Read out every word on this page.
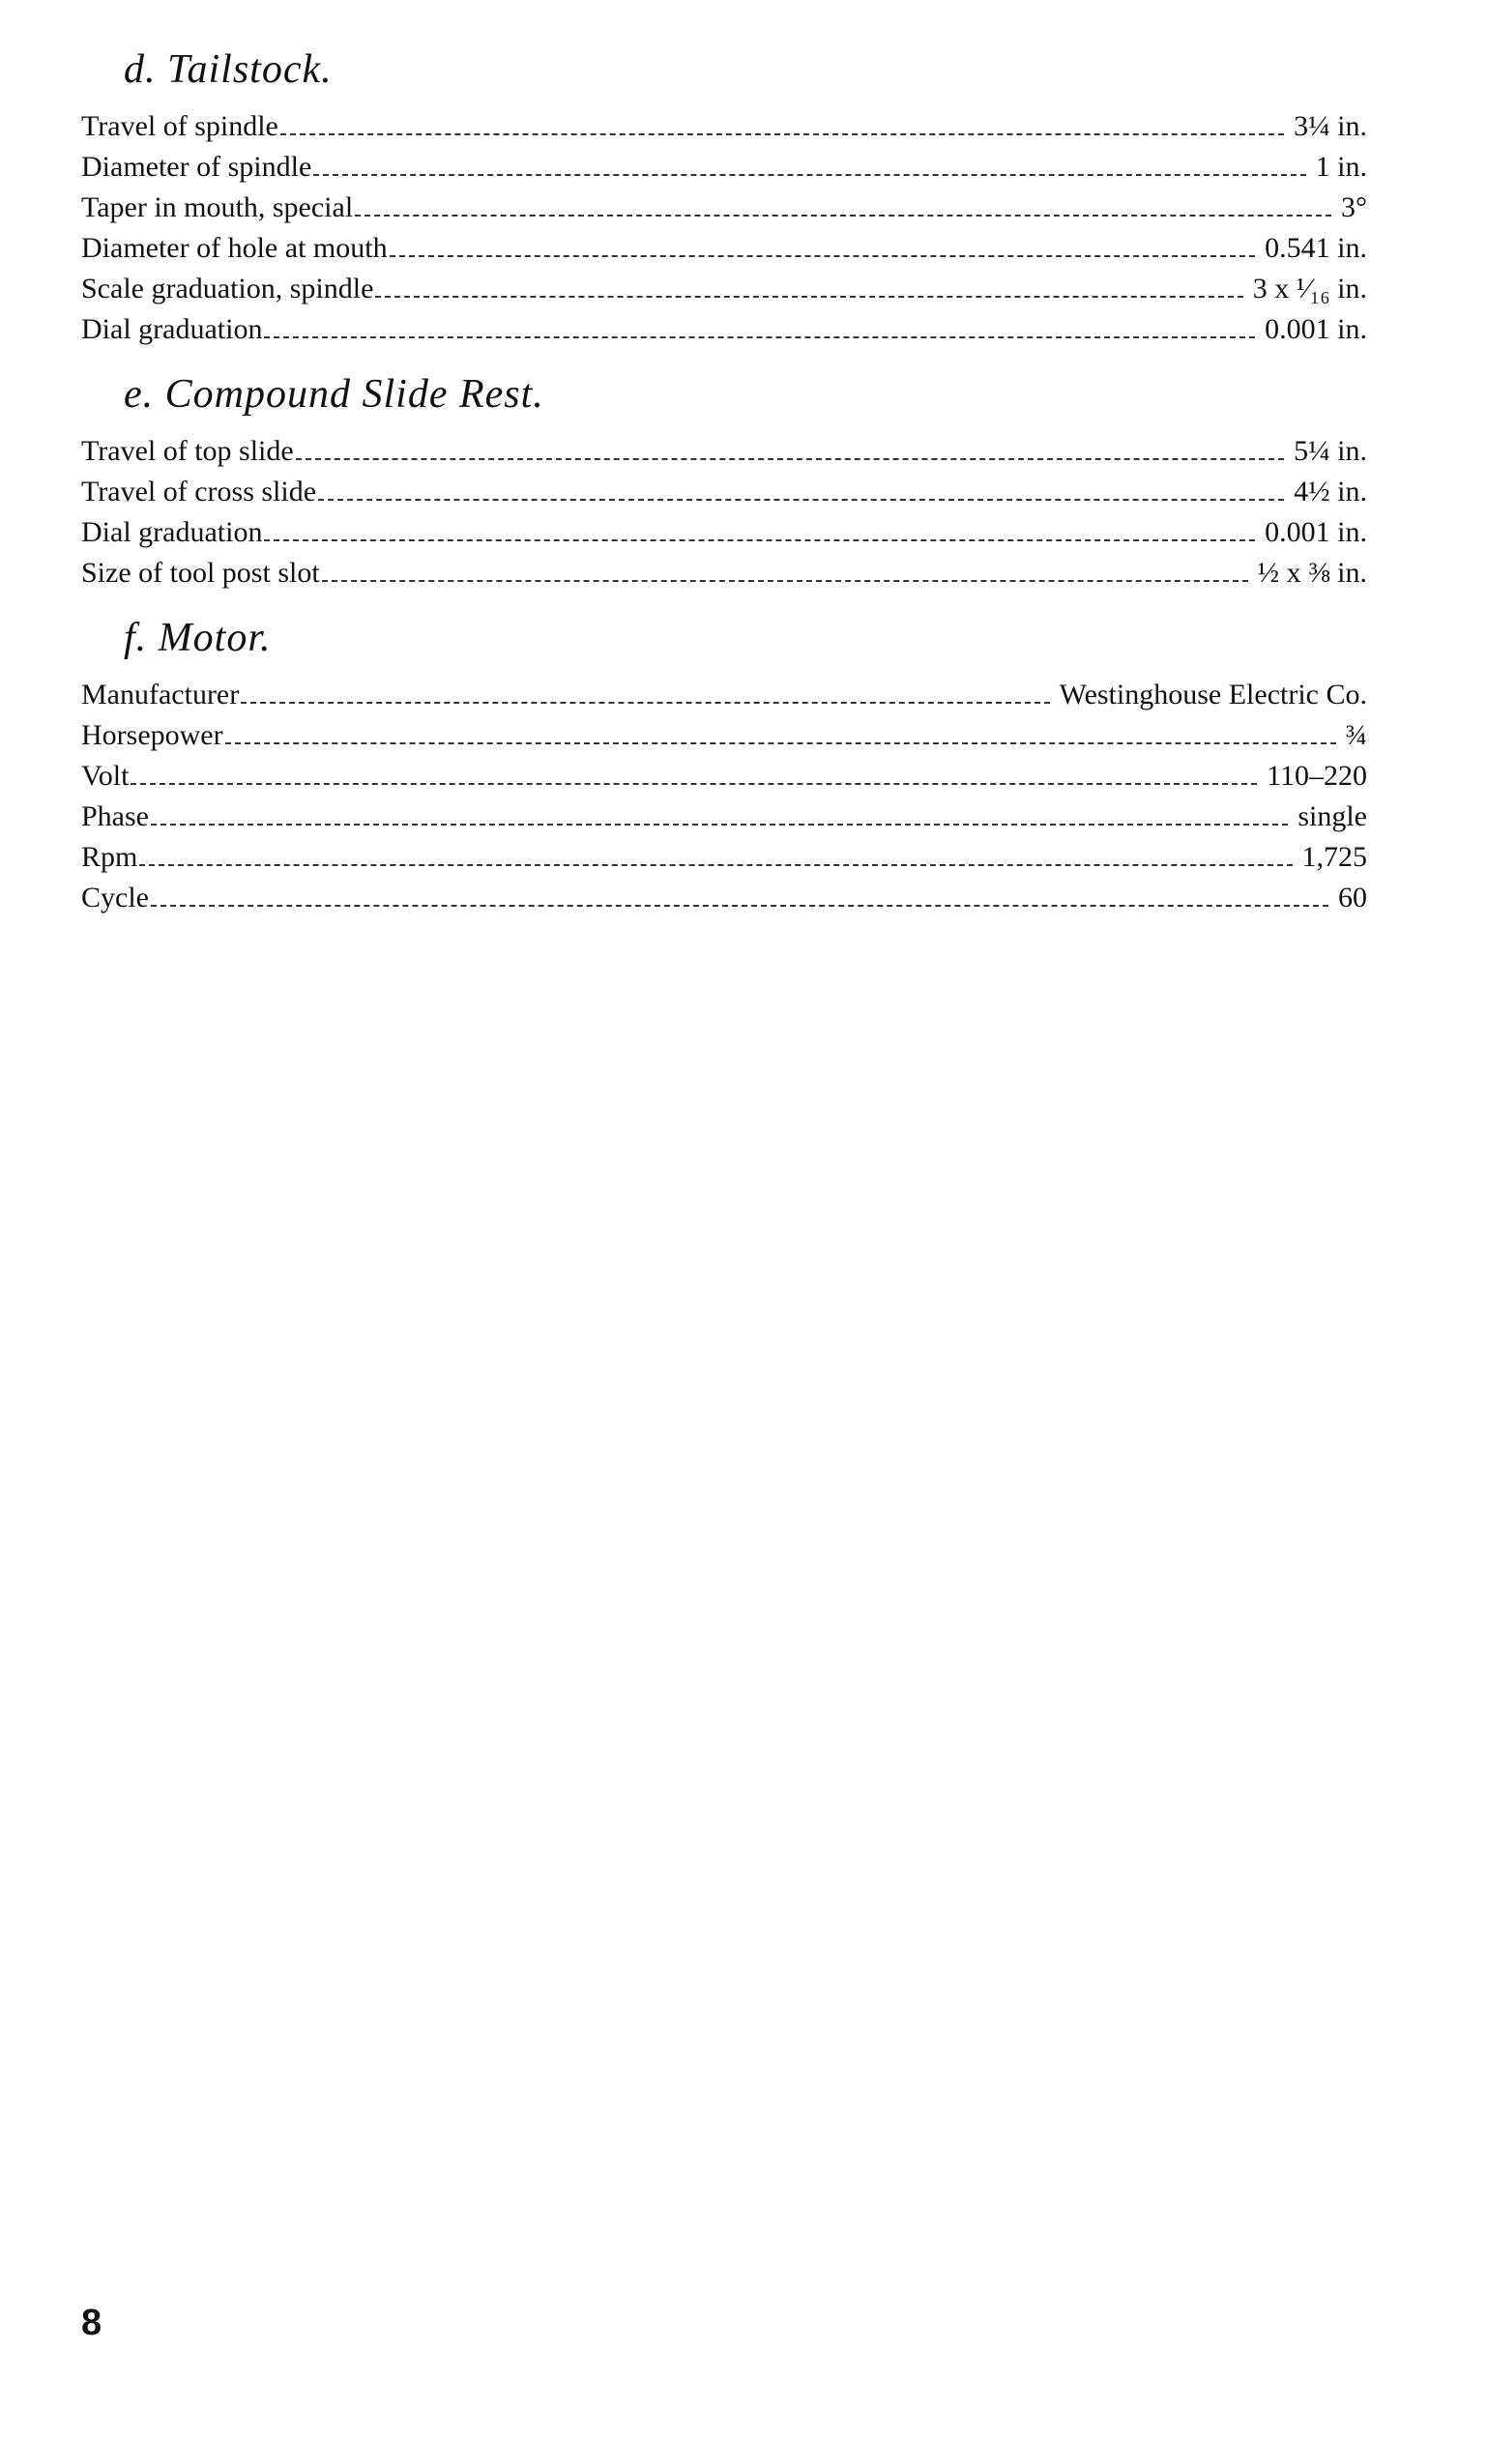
d. Tailstock.
Travel of spindle	3¼ in.
Diameter of spindle	1 in.
Taper in mouth, special	3°
Diameter of hole at mouth	0.541 in.
Scale graduation, spindle	3 x ¹⁄₁₆ in.
Dial graduation	0.001 in.
e. Compound Slide Rest.
Travel of top slide	5¼ in.
Travel of cross slide	4½ in.
Dial graduation	0.001 in.
Size of tool post slot	½ x ⅜ in.
f. Motor.
Manufacturer	Westinghouse Electric Co.
Horsepower	¾
Volt	110–220
Phase	single
Rpm	1,725
Cycle	60

8
